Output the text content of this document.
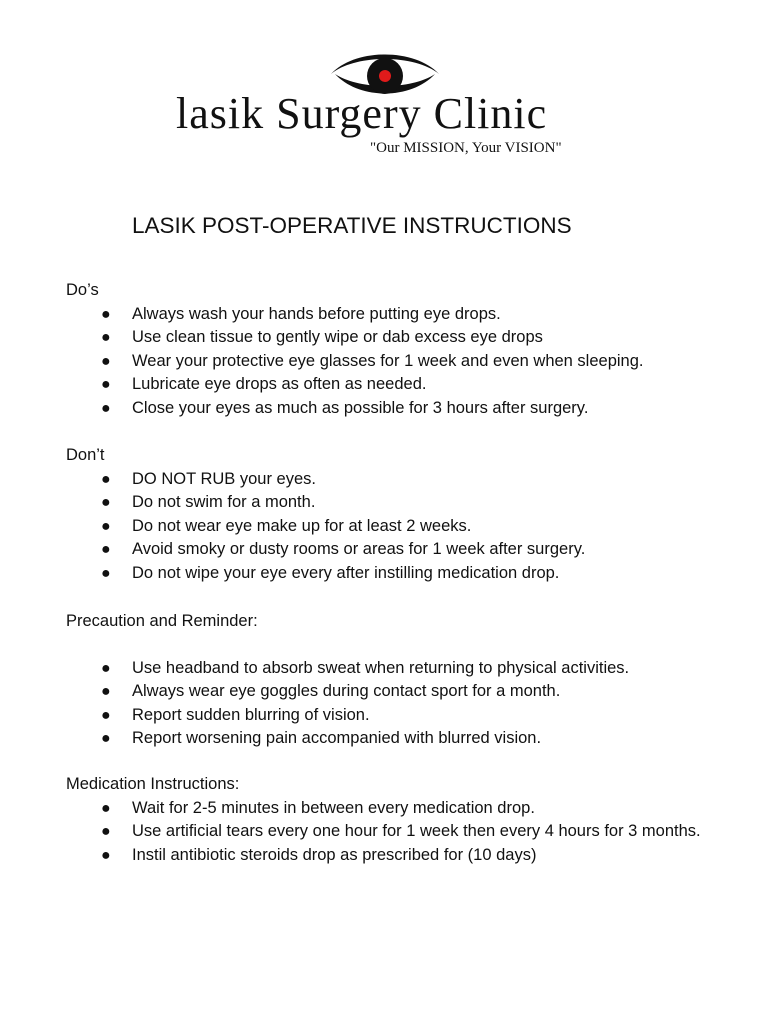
lasik Surgery Clinic
"Our MISSION, Your VISION"
LASIK POST-OPERATIVE INSTRUCTIONS

Do’s

● Always wash your hands before putting eye drops.
● Use clean tissue to gently wipe or dab excess eye drops
● Wear your protective eye glasses for 1 week and even when sleeping.
● Lubricate eye drops as often as needed.
● Close your eyes as much as possible for 3 hours after surgery.

Don’t

● DO NOT RUB your eyes.
● Do not swim for a month.
● Do not wear eye make up for at least 2 weeks.
● Avoid smoky or dusty rooms or areas for 1 week after surgery.
● Do not wipe your eye every after instilling medication drop.

Precaution and Reminder:

● Use headband to absorb sweat when returning to physical activities.
● Always wear eye goggles during contact sport for a month.
● Report sudden blurring of vision.
● Report worsening pain accompanied with blurred vision.

Medication Instructions:

● Wait for 2-5 minutes in between every medication drop.
● Use artificial tears every one hour for 1 week then every 4 hours for 3 months.
● Instil antibiotic steroids drop as prescribed for (10 days)
